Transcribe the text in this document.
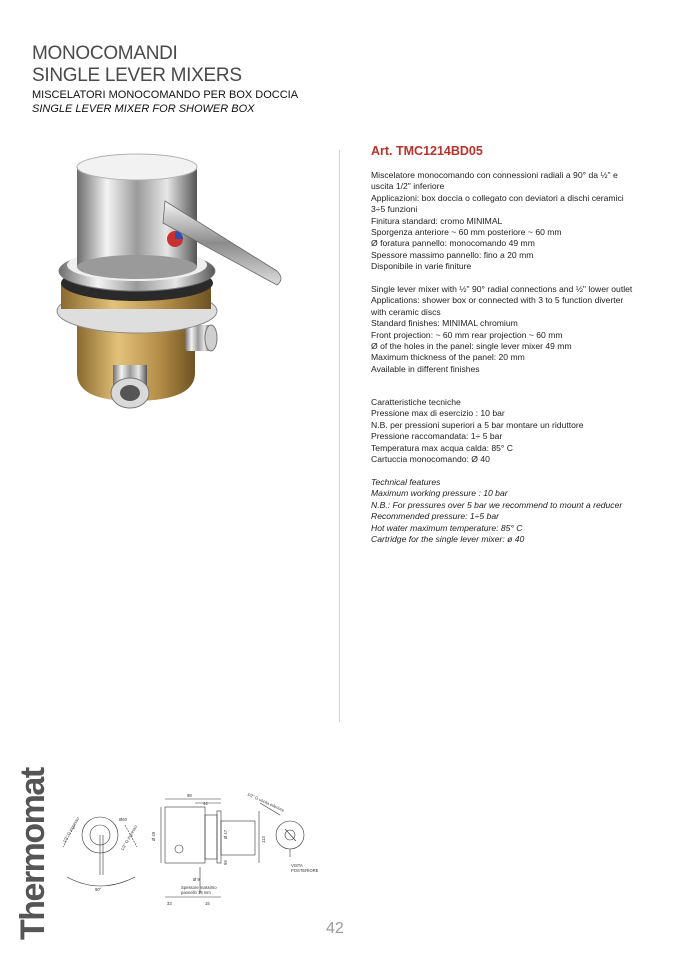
MONOCOMANDI
SINGLE LEVER MIXERS
MISCELATORI MONOCOMANDO PER BOX DOCCIA
SINGLE LEVER MIXER FOR SHOWER BOX
Art. TMC1214BD05

Miscelatore monocomando con connessioni radiali a 90° da ½" e

uscita 1/2" inferiore

Applicazioni: box doccia o collegato con deviatori a dischi ceramici

3÷5 funzioni

Finitura standard: cromo MINIMAL

Sporgenza anteriore ~ 60 mm posteriore ~ 60 mm

Ø foratura pannello: monocomando 49 mm

Spessore massimo pannello: fino a 20 mm

Disponibile in varie finiture

Single lever mixer with ½" 90° radial connections and ½" lower outlet

Applications: shower box or connected with 3 to 5 function diverter

with ceramic discs

Standard finishes: MINIMAL chromium

Front projection: ~ 60 mm rear projection ~ 60 mm

Ø of the holes in the panel: single lever mixer 49 mm

Maximum thickness of the panel: 20 mm

Available in different finishes

Caratteristiche tecniche

Pressione max di esercizio : 10 bar

N.B. per pressioni superiori a 5 bar montare un riduttore

Pressione raccomandata: 1÷ 5 bar

Temperatura max acqua calda: 85° C

Cartuccia monocomando: Ø 40

Technical features

Maximum working pressure : 10 bar

N.B.: For pressures over 5 bar we recommend to mount a reducer

Recommended pressure: 1÷5 bar

Hot water maximum temperature: 85° C

Cartridge for the single lever mixer: ø 40

1/2" G ingresso	1/2" G ingresso
Ø60
90°
98
44
Ø 49	Ø 47
113
59
Ø 9
33	15
Spessore massimo
pannello 15 mm
1/2" G uscita inferiore
VISTA
POSTERIORE
Thermomat	42
